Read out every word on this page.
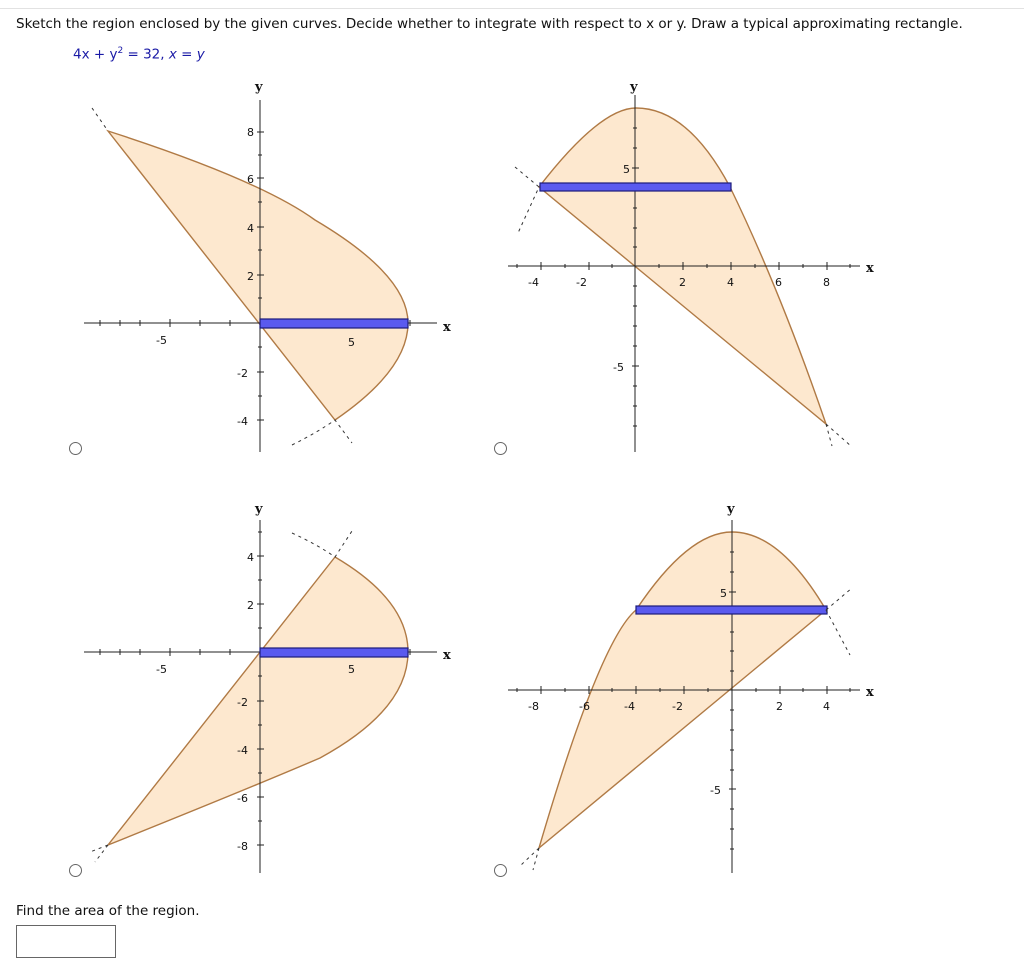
Sketch the region enclosed by the given curves. Decide whether to integrate with respect to x or y. Draw a typical approximating rectangle.
$4x + y^2 = 32$, x = y
y
x
-5	5
8
6
4
2
-2
-4
y
x
-4	-2	2	4	6	8
5
-5
y
x
-5	5
4
2
-2
-4
-6
-8
y
x
-8	-6	-4	-2	2	4
5
-5
Find the area of the region.
